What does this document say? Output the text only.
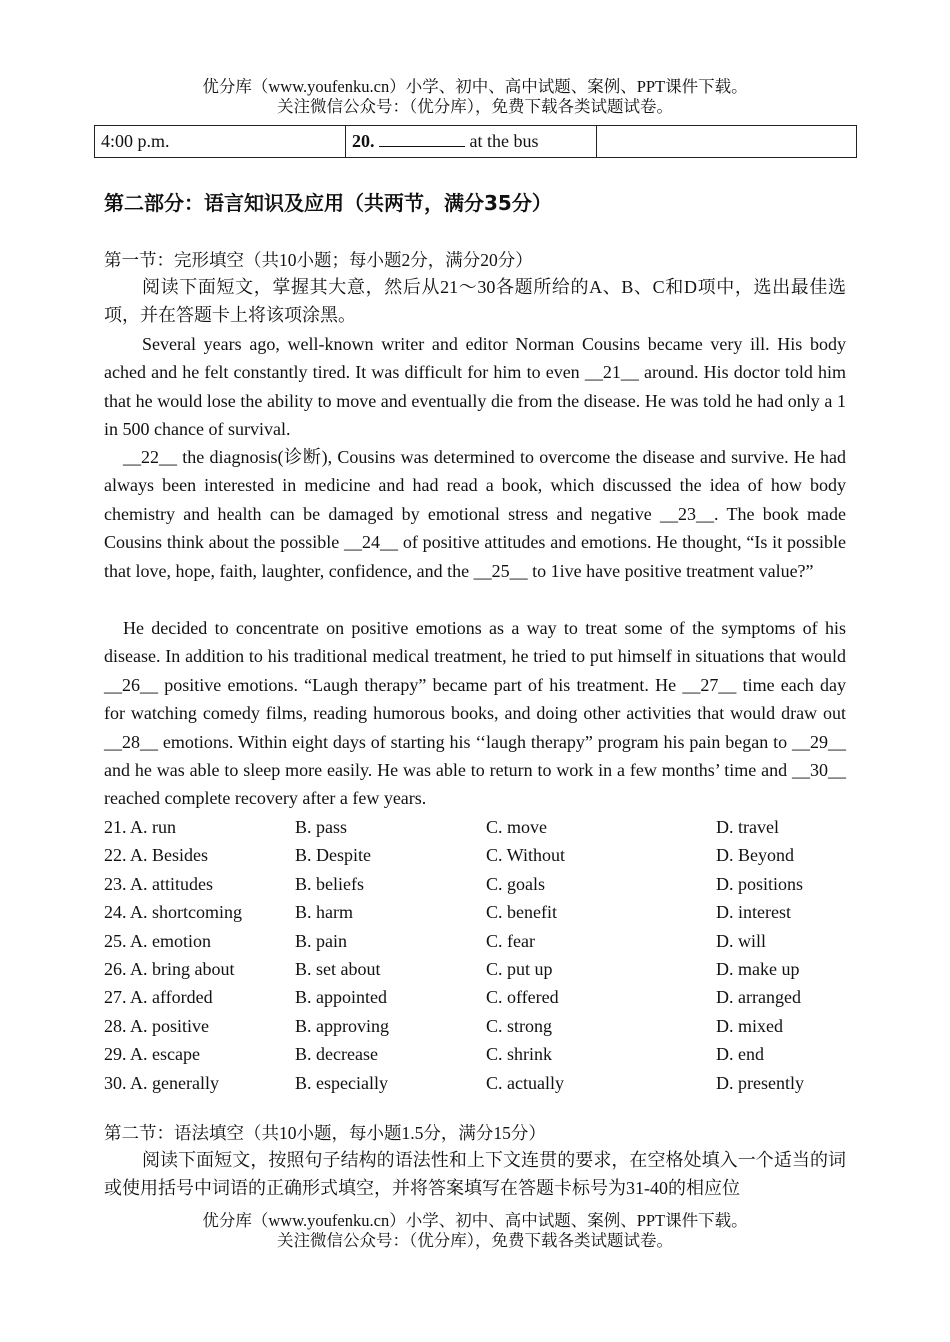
优分库（www.youfenku.cn）小学、初中、高中试题、案例、PPT课件下载。
关注微信公众号：（优分库），免费下载各类试题试卷。
4:00 p.m.	20.	at the bus	
第二部分：语言知识及应用（共两节，满分35分）
第一节：完形填空（共10小题；每小题2分，满分20分）
阅读下面短文，掌握其大意，然后从21～30各题所给的A、B、C和D项中，选出最佳选项，并在答题卡上将该项涂黑。
Several years ago, well-known writer and editor Norman Cousins became very ill. His body ached and he felt constantly tired. It was difficult for him to even __21__ around. His doctor told him that he would lose the ability to move and eventually die from the disease. He was told he had only a 1 in 500 chance of survival.
__22__ the diagnosis(诊断), Cousins was determined to overcome the disease and survive. He had always been interested in medicine and had read a book, which discussed the idea of how body chemistry and health can be damaged by emotional stress and negative __23__. The book made Cousins think about the possible __24__ of positive attitudes and emotions. He thought, “Is it possible that love, hope, faith, laughter, confidence, and the __25__ to 1ive have positive treatment value?”
He decided to concentrate on positive emotions as a way to treat some of the symptoms of his disease. In addition to his traditional medical treatment, he tried to put himself in situations that would __26__ positive emotions. “Laugh therapy” became part of his treatment. He __27__ time each day for watching comedy films, reading humorous books, and doing other activities that would draw out __28__ emotions. Within eight days of starting his ‘‘laugh therapy” program his pain began to __29__ and he was able to sleep more easily. He was able to return to work in a few months’ time and __30__ reached complete recovery after a few years.
21. A. run	B. pass	C. move	D. travel
22. A. Besides	B. Despite	C. Without	D. Beyond
23. A. attitudes	B. beliefs	C. goals	D. positions
24. A. shortcoming	B. harm	C. benefit	D. interest
25. A. emotion	B. pain	C. fear	D. will
26. A. bring about	B. set about	C. put up	D. make up
27. A. afforded	B. appointed	C. offered	D. arranged
28. A. positive	B. approving	C. strong	D. mixed
29. A. escape	B. decrease	C. shrink	D. end
30. A. generally	B. especially	C. actually	D. presently
第二节：语法填空（共10小题，每小题1.5分，满分15分）
阅读下面短文，按照句子结构的语法性和上下文连贯的要求，在空格处填入一个适当的词或使用括号中词语的正确形式填空，并将答案填写在答题卡标号为31-40的相应位
优分库（www.youfenku.cn）小学、初中、高中试题、案例、PPT课件下载。
关注微信公众号：（优分库），免费下载各类试题试卷。
